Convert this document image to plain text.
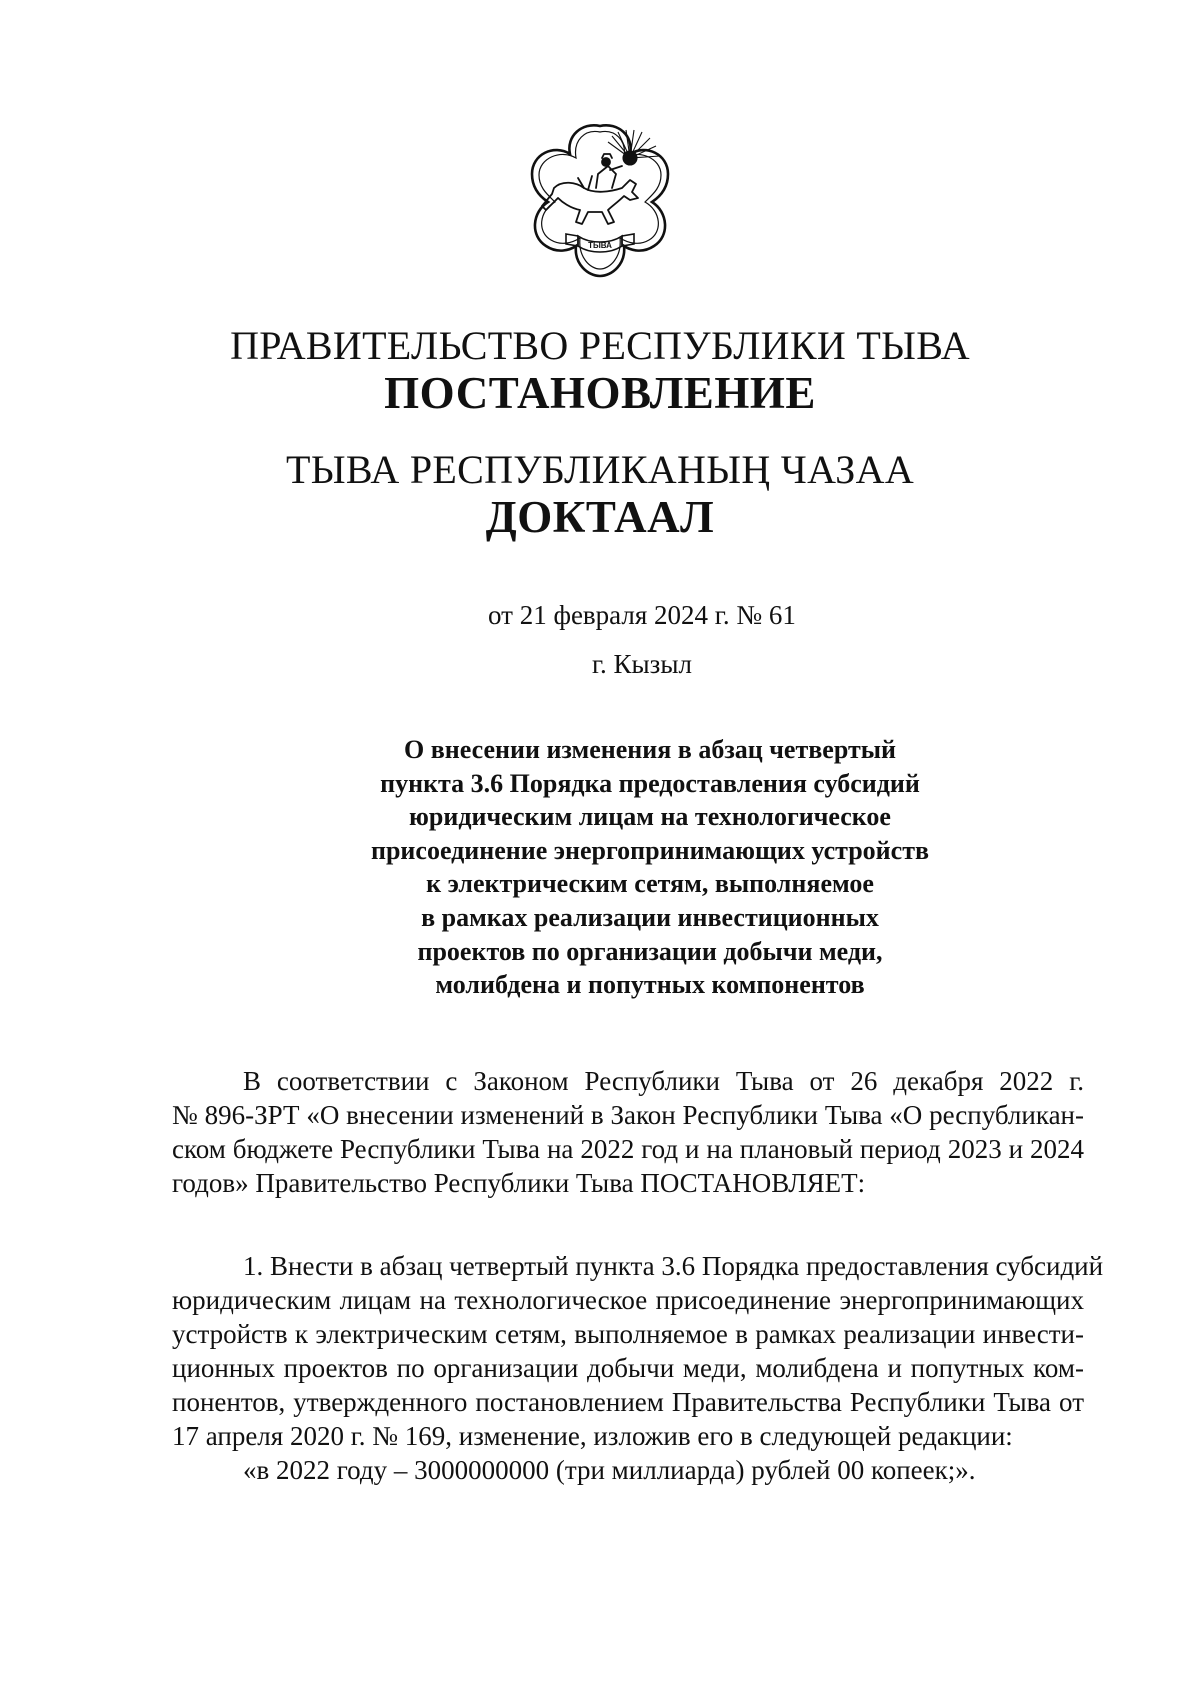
ТЫВА
ПРАВИТЕЛЬСТВО РЕСПУБЛИКИ ТЫВА
ПОСТАНОВЛЕНИЕ
ТЫВА РЕСПУБЛИКАНЫҢ ЧАЗАА
ДОКТААЛ
от 21 февраля 2024 г. № 61
г. Кызыл
О внесении изменения в абзац четвертый
пункта 3.6 Порядка предоставления субсидий
юридическим лицам на технологическое
присоединение энергопринимающих устройств
к электрическим сетям, выполняемое
в рамках реализации инвестиционных
проектов по организации добычи меди,
молибдена и попутных компонентов
В соответствии с Законом Республики Тыва от 26 декабря 2022 г.
№ 896-ЗРТ «О внесении изменений в Закон Республики Тыва «О республикан-
ском бюджете Республики Тыва на 2022 год и на плановый период 2023 и 2024
годов» Правительство Республики Тыва ПОСТАНОВЛЯЕТ:
1. Внести в абзац четвертый пункта 3.6 Порядка предоставления субсидий
юридическим лицам на технологическое присоединение энергопринимающих
устройств к электрическим сетям, выполняемое в рамках реализации инвести-
ционных проектов по организации добычи меди, молибдена и попутных ком-
понентов, утвержденного постановлением Правительства Республики Тыва от
17 апреля 2020 г. № 169, изменение, изложив его в следующей редакции:
«в 2022 году – 3000000000 (три миллиарда) рублей 00 копеек;».
